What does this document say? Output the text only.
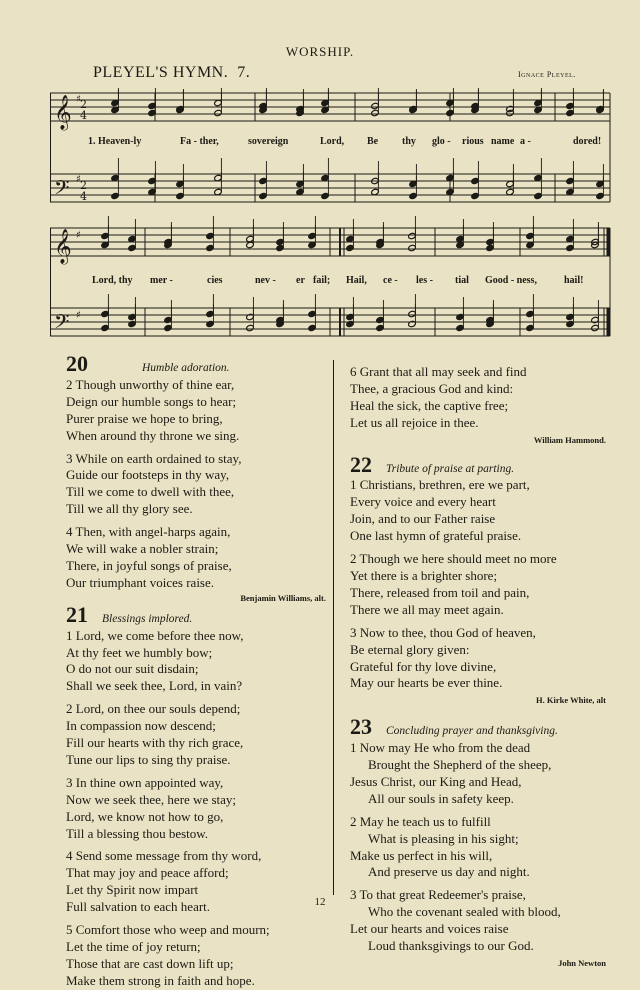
WORSHIP.
PLEYEL'S HYMN. 7.	Ignace Pleyel.
𝄞
𝄢
𝄞
𝄢
2
4
2
4
♯
♯
♯
♯
1. Heaven-ly	Fa - ther,	sovereign	Lord, Be thy glo - rious name a -	dored!
Lord, thy mer -	cies	nev - er fail; Hail, ce - les - tial Good - ness,	hail!
20	Humble adoration.
2 Though unworthy of thine ear,
Deign our humble songs to hear;
Purer praise we hope to bring,
When around thy throne we sing.
3 While on earth ordained to stay,
Guide our footsteps in thy way,
Till we come to dwell with thee,
Till we all thy glory see.
4 Then, with angel-harps again,
We will wake a nobler strain;
There, in joyful songs of praise,
Our triumphant voices raise.
Benjamin Williams, alt.
21 Blessings implored.
1 Lord, we come before thee now,
At thy feet we humbly bow;
O do not our suit disdain;
Shall we seek thee, Lord, in vain?
2 Lord, on thee our souls depend;
In compassion now descend;
Fill our hearts with thy rich grace,
Tune our lips to sing thy praise.
3 In thine own appointed way,
Now we seek thee, here we stay;
Lord, we know not how to go,
Till a blessing thou bestow.
4 Send some message from thy word,
That may joy and peace afford;
Let thy Spirit now impart
Full salvation to each heart.
5 Comfort those who weep and mourn;
Let the time of joy return;
Those that are cast down lift up;
Make them strong in faith and hope.
6 Grant that all may seek and find
Thee, a gracious God and kind:
Heal the sick, the captive free;
Let us all rejoice in thee.
William Hammond.
22 Tribute of praise at parting.
1 Christians, brethren, ere we part,
Every voice and every heart
Join, and to our Father raise
One last hymn of grateful praise.
2 Though we here should meet no more
Yet there is a brighter shore;
There, released from toil and pain,
There we all may meet again.
3 Now to thee, thou God of heaven,
Be eternal glory given:
Grateful for thy love divine,
May our hearts be ever thine.
H. Kirke White, alt
23 Concluding prayer and thanksgiving.
1 Now may He who from the dead
Brought the Shepherd of the sheep,
Jesus Christ, our King and Head,
All our souls in safety keep.
2 May he teach us to fulfill
What is pleasing in his sight;
Make us perfect in his will,
And preserve us day and night.
3 To that great Redeemer's praise,
Who the covenant sealed with blood,
Let our hearts and voices raise
Loud thanksgivings to our God.
John Newton
12
